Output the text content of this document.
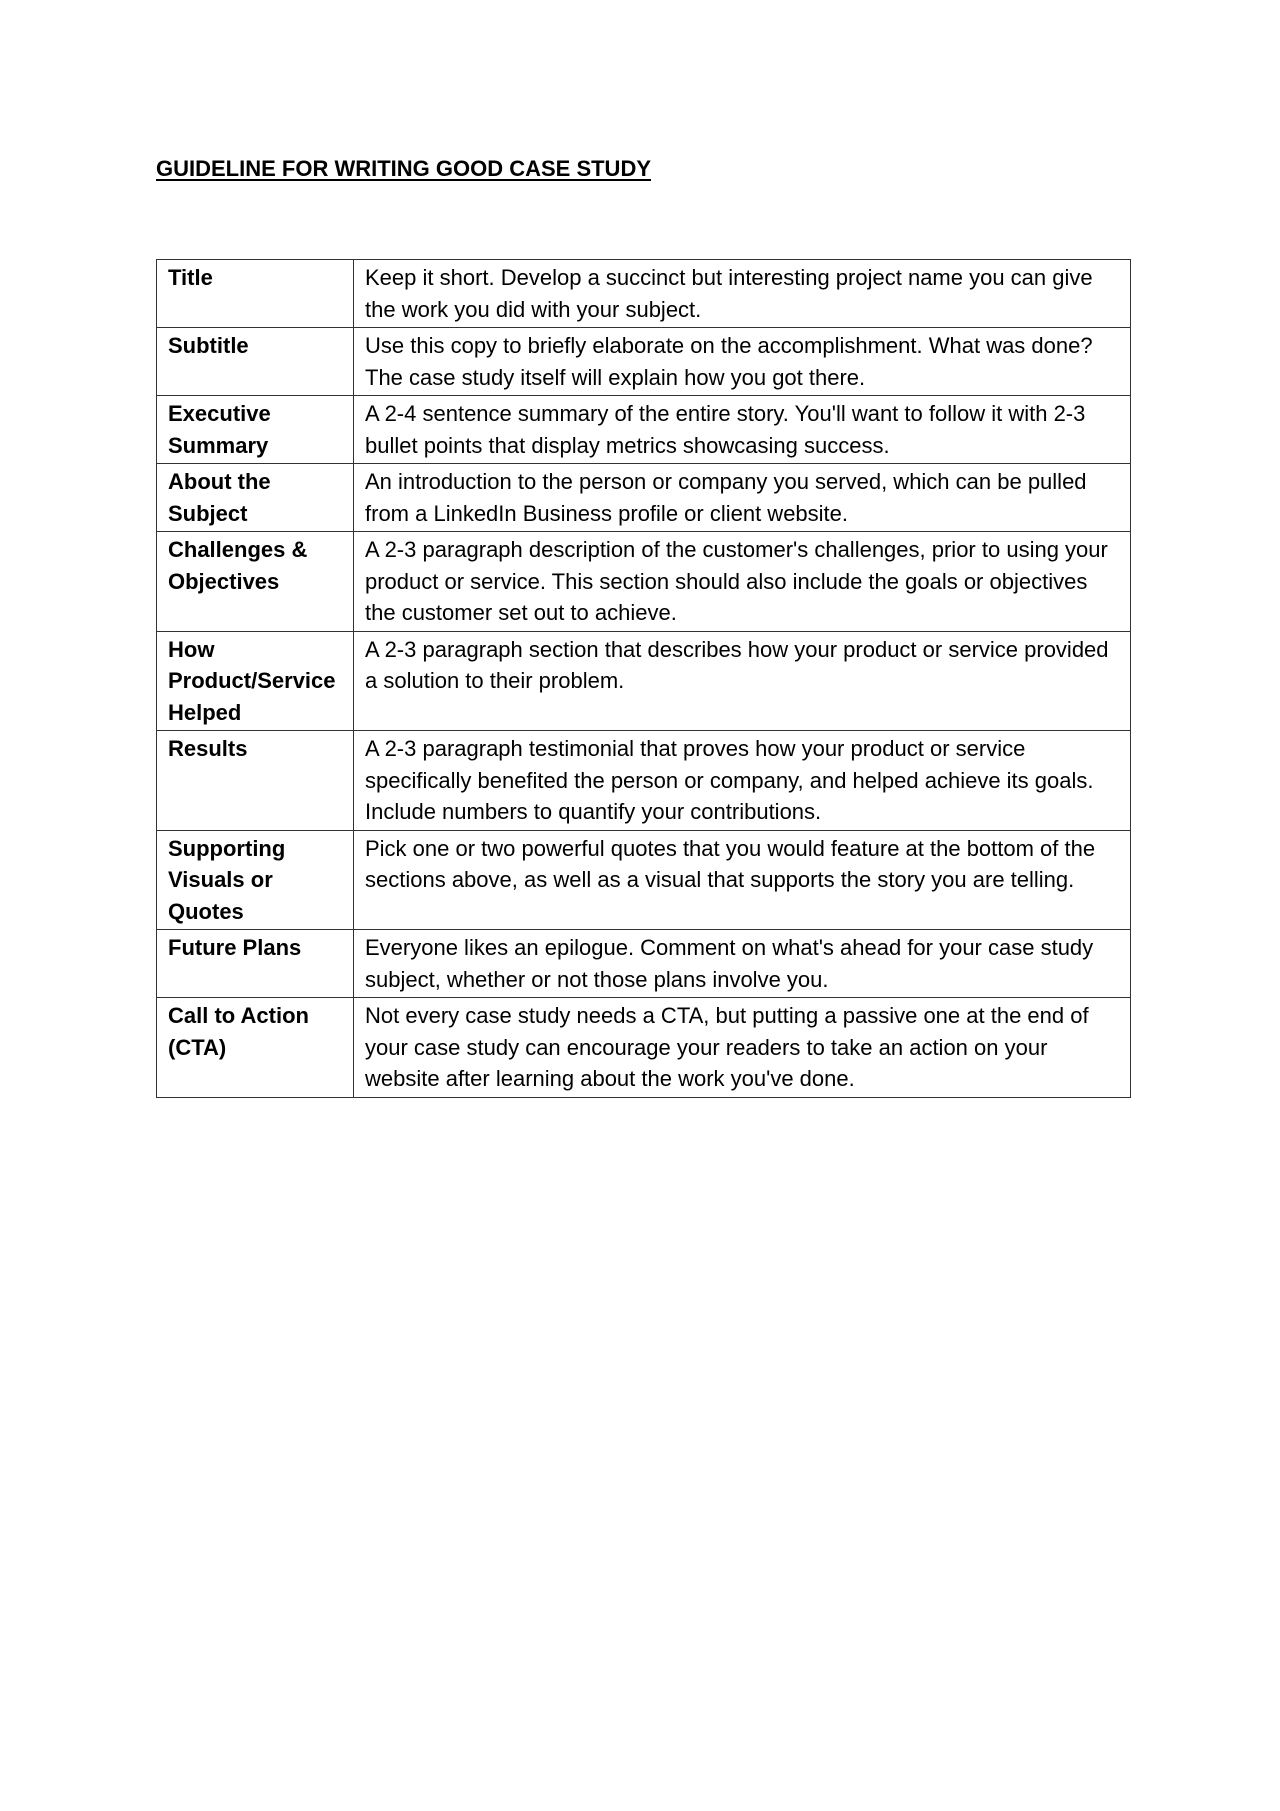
GUIDELINE FOR WRITING GOOD CASE STUDY
Title	Keep it short. Develop a succinct but interesting project name you can give the work you did with your subject.
Subtitle	Use this copy to briefly elaborate on the accomplishment. What was done? The case study itself will explain how you got there.
Executive Summary	A 2-4 sentence summary of the entire story. You'll want to follow it with 2-3 bullet points that display metrics showcasing success.
About the Subject	An introduction to the person or company you served, which can be pulled from a LinkedIn Business profile or client website.
Challenges & Objectives	A 2-3 paragraph description of the customer's challenges, prior to using your product or service. This section should also include the goals or objectives the customer set out to achieve.
How Product/Service Helped	A 2-3 paragraph section that describes how your product or service provided a solution to their problem.
Results	A 2-3 paragraph testimonial that proves how your product or service specifically benefited the person or company, and helped achieve its goals. Include numbers to quantify your contributions.
Supporting Visuals or Quotes	Pick one or two powerful quotes that you would feature at the bottom of the sections above, as well as a visual that supports the story you are telling.
Future Plans	Everyone likes an epilogue. Comment on what's ahead for your case study subject, whether or not those plans involve you.
Call to Action (CTA)	Not every case study needs a CTA, but putting a passive one at the end of your case study can encourage your readers to take an action on your website after learning about the work you've done.
